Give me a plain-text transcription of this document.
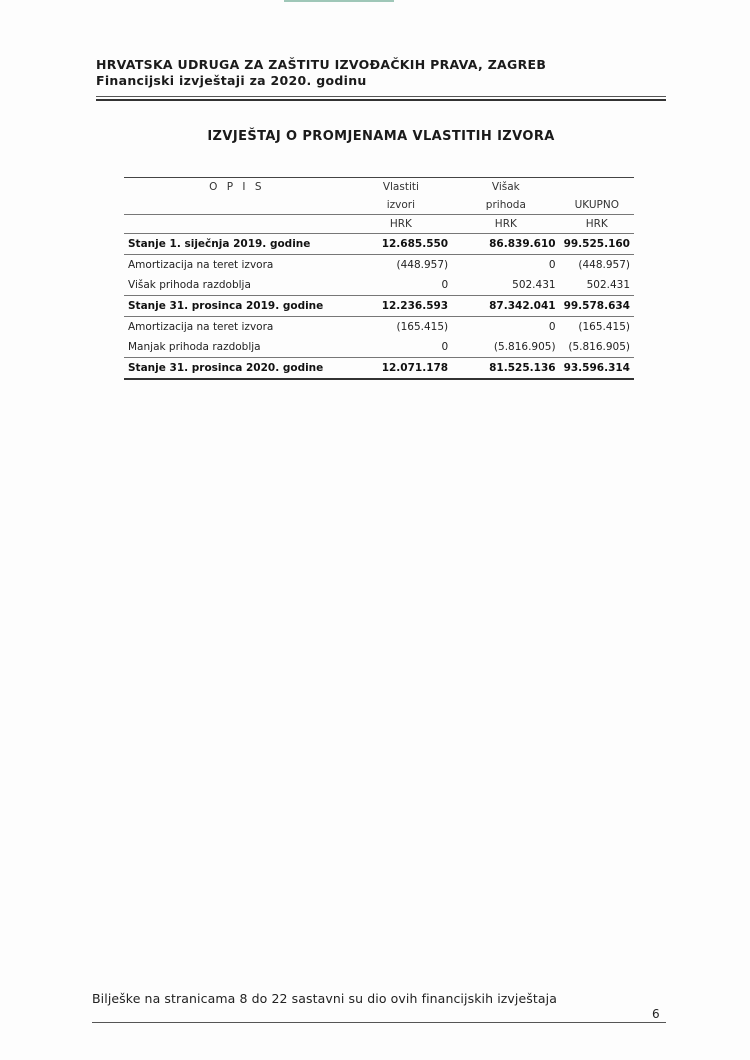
HRVATSKA UDRUGA ZA ZAŠTITU IZVOĐAČKIH PRAVA, ZAGREB
Financijski izvještaji za 2020. godinu
IZVJEŠTAJ O PROMJENAMA VLASTITIH IZVORA
O P I S	Vlastiti	Višak	
	izvori	prihoda	UKUPNO
	HRK	HRK	HRK
Stanje 1. siječnja 2019. godine	12.685.550	86.839.610	99.525.160
Amortizacija na teret izvora	(448.957)	0	(448.957)
Višak prihoda razdoblja	0	502.431	502.431
Stanje 31. prosinca 2019. godine	12.236.593	87.342.041	99.578.634
Amortizacija na teret izvora	(165.415)	0	(165.415)
Manjak prihoda razdoblja	0	(5.816.905)	(5.816.905)
Stanje 31. prosinca 2020. godine	12.071.178	81.525.136	93.596.314
Bilješke na stranicama 8 do 22 sastavni su dio ovih financijskih izvještaja
6
